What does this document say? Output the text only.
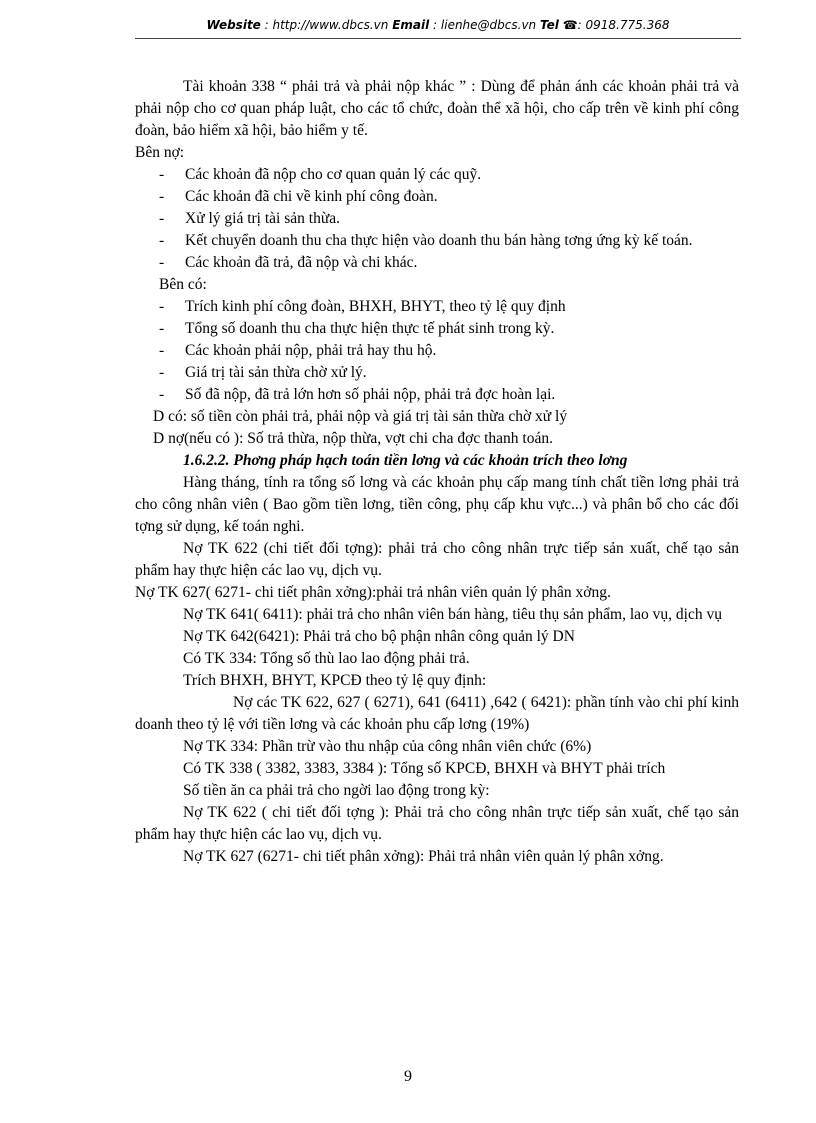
Website : http://www.dbcs.vn Email : lienhe@dbcs.vn Tel ☎: 0918.775.368

Tài khoản 338 “ phải trả và phải nộp khác ” : Dùng để phản ánh các khoản phải trả và phải nộp cho cơ quan pháp luật, cho các tổ chức, đoàn thể xã hội, cho cấp trên về kinh phí công đoàn, bảo hiểm xã hội, bảo hiểm y tế.

Bên nợ:

- Các khoản đã nộp cho cơ quan quản lý các quỹ.
- Các khoản đã chi về kinh phí công đoàn.
- Xử lý giá trị tài sản thừa.
- Kết chuyển doanh thu cha thực hiện vào doanh thu bán hàng tơng ứng kỳ kế toán.
- Các khoản đã trả, đã nộp và chi khác.

Bên có:

- Trích kinh phí công đoàn, BHXH, BHYT, theo tỷ lệ quy định
- Tổng số doanh thu cha thực hiện thực tế phát sinh trong kỳ.
- Các khoản phải nộp, phải trả hay thu hộ.
- Giá trị tài sản thừa chờ xử lý.
- Số đã nộp, đã trả lớn hơn số phải nộp, phải trả đợc hoàn lại.

D có: số tiền còn phải trả, phải nộp và giá trị tài sản thừa chờ xử lý

D nợ(nếu có ): Số trả thừa, nộp thừa, vợt chi cha đợc thanh toán.

1.6.2.2. Phơng pháp hạch toán tiền lơng và các khoản trích theo lơng

Hàng tháng, tính ra tổng số lơng và các khoản phụ cấp mang tính chất tiền lơng phải trả cho công nhân viên ( Bao gồm tiền lơng, tiền công, phụ cấp khu vực...) và phân bổ cho các đối tợng sử dụng, kế toán nghi.

Nợ TK 622 (chi tiết đối tợng): phải trả cho công nhân trực tiếp sản xuất, chế tạo sản phẩm hay thực hiện các lao vụ, dịch vụ.

Nợ TK 627( 6271- chi tiết phân xởng):phải trả nhân viên quản lý phân xởng.

Nợ TK 641( 6411): phải trả cho nhân viên bán hàng, tiêu thụ sản phẩm, lao vụ, dịch vụ

Nợ TK 642(6421): Phải trả cho bộ phận nhân công quản lý DN

Có TK 334: Tổng số thù lao lao động phải trả.

Trích BHXH, BHYT, KPCĐ theo tỷ lệ quy định:

Nợ các TK 622, 627 ( 6271), 641 (6411) ,642 ( 6421): phần tính vào chi phí kinh doanh theo tỷ lệ với tiền lơng và các khoản phu cấp lơng (19%)

Nợ TK 334: Phần trừ vào thu nhập của công nhân viên chức (6%)

Có TK 338 ( 3382, 3383, 3384 ): Tổng số KPCĐ, BHXH và BHYT phải trích

Số tiền ăn ca phải trả cho ngời lao động trong kỳ:

Nợ TK 622 ( chi tiết đối tợng ): Phải trả cho công nhân trực tiếp sản xuất, chế tạo sản phẩm hay thực hiện các lao vụ, dịch vụ.

Nợ TK 627 (6271- chi tiết phân xởng): Phải trả nhân viên quản lý phân xởng.

9
